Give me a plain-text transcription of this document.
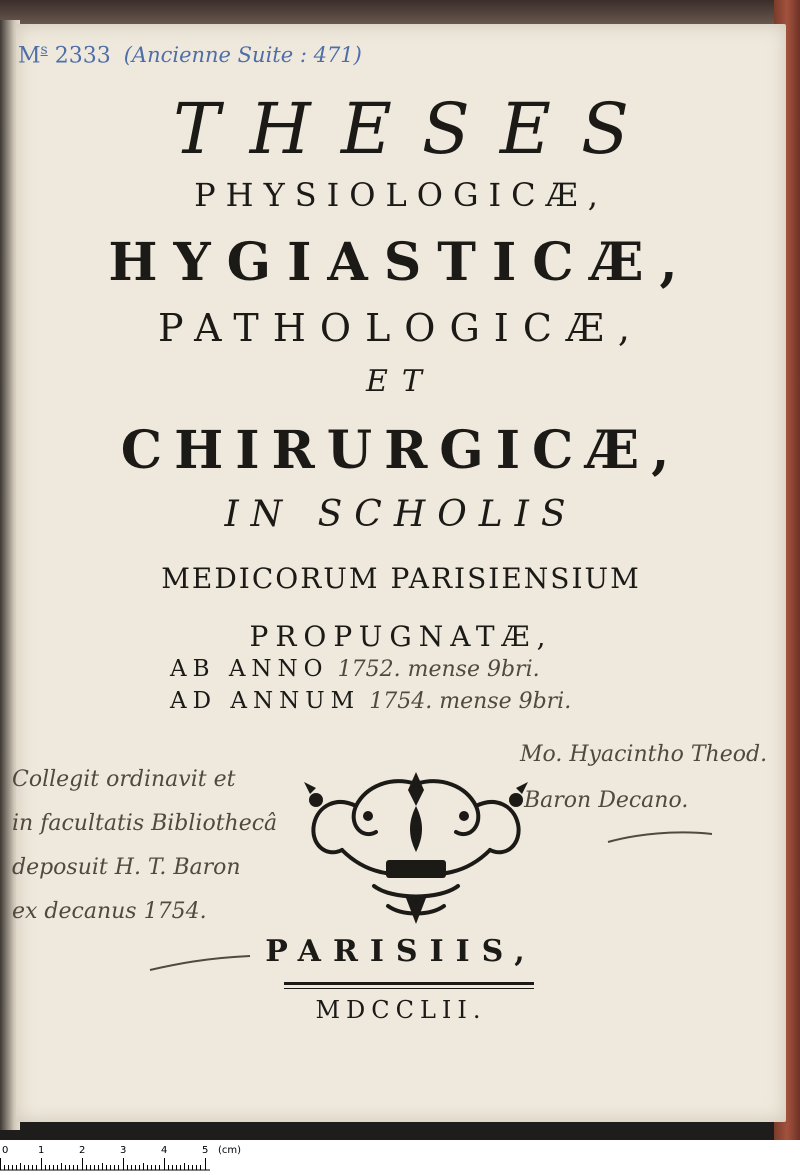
$M^s$ 2333 (Ancienne Suite : 471)
THESES
PHYSIOLOGICÆ,
HYGIASTICÆ,
PATHOLOGICÆ,
ET
CHIRURGICÆ,
IN SCHOLIS
MEDICORUM PARISIENSIUM
PROPUGNATÆ,
AB ANNO 1752. mense 9bri.
AD ANNUM 1754. mense 9bri.
Collegit ordinavit et
in facultatis Bibliothecâ
deposuit H. T. Baron
ex decanus 1754.
Mo. Hyacintho Theod.
Baron Decano.
PARISIIS,
MDCCLII.
0	1	2	3	4	5 (cm)
